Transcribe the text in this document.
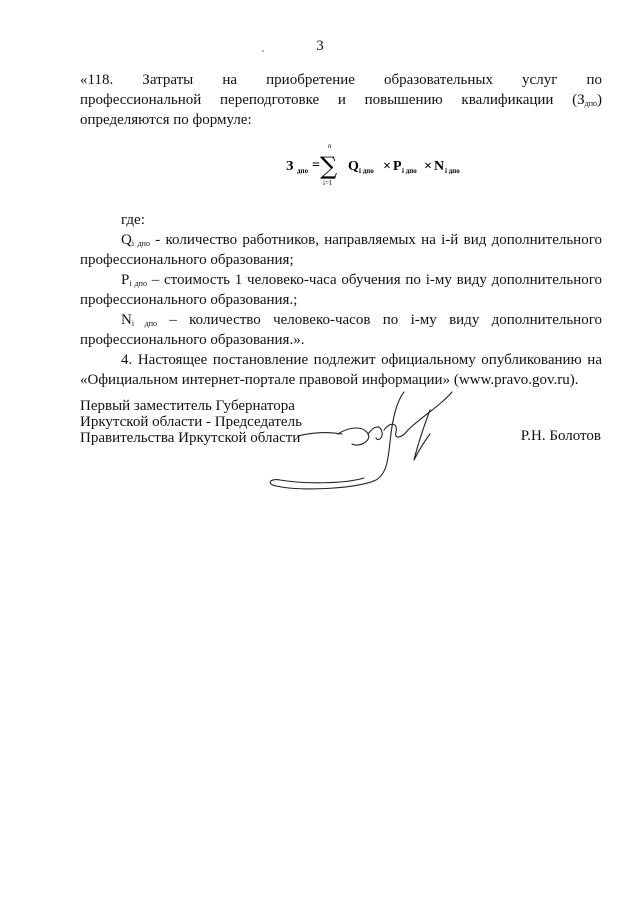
3
«118. Затраты на приобретение образовательных услуг по
профессиональной переподготовке и повышению квалификации (Здпо)
определяются по формуле:
З дпо =
n
∑
i=1
Q i дпо × P i дпо × N i дпо
где:
Qi дпо - количество работников, направляемых на i-й вид дополнительного
профессионального образования;
Pi дпо – стоимость 1 человеко-часа обучения по i-му виду дополнительного
профессионального образования.;
Ni дпо – количество человеко-часов по i-му виду дополнительного
профессионального образования.».
4. Настоящее постановление подлежит официальному опубликованию на
«Официальном интернет-портале правовой информации» (www.pravo.gov.ru).
Первый заместитель Губернатора
Иркутской области - Председатель
Правительства Иркутской области	Р.Н. Болотов
